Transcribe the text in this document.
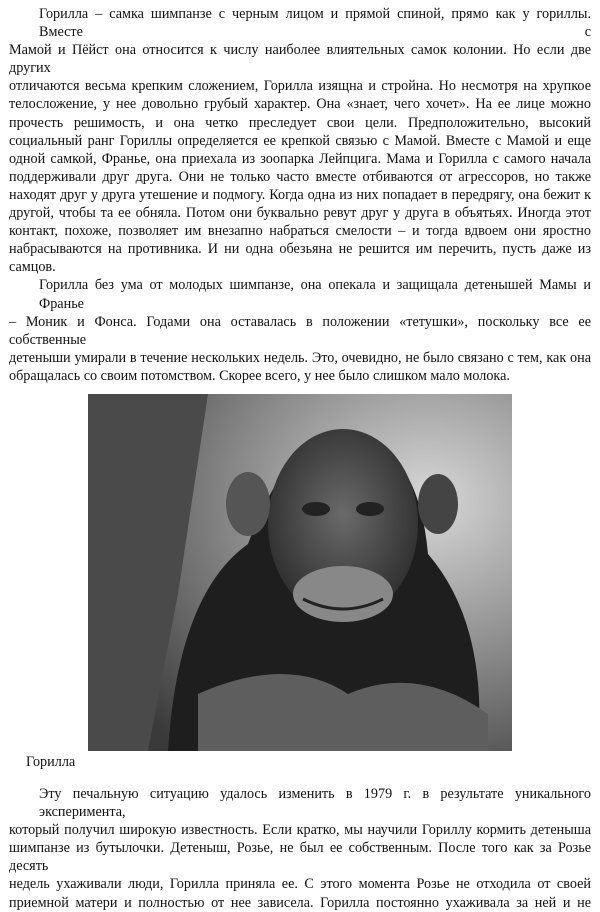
Горилла – самка шимпанзе с черным лицом и прямой спиной, прямо как у гориллы. Вместе с
Мамой и Пёйст она относится к числу наиболее влиятельных самок колонии. Но если две других
отличаются весьма крепким сложением, Горилла изящна и стройна. Но несмотря на хрупкое
телосложение, у нее довольно грубый характер. Она «знает, чего хочет». На ее лице можно
прочесть решимость, и она четко преследует свои цели. Предположительно, высокий
социальный ранг Гориллы определяется ее крепкой связью с Мамой. Вместе с Мамой и еще
одной самкой, Франье, она приехала из зоопарка Лейпцига. Мама и Горилла с самого начала
поддерживали друг друга. Они не только часто вместе отбиваются от агрессоров, но также
находят друг у друга утешение и подмогу. Когда одна из них попадает в передрягу, она бежит к
другой, чтобы та ее обняла. Потом они буквально ревут друг у друга в объятьях. Иногда этот
контакт, похоже, позволяет им внезапно набраться смелости – и тогда вдвоем они яростно
набрасываются на противника. И ни одна обезьяна не решится им перечить, пусть даже из
самцов.
Горилла без ума от молодых шимпанзе, она опекала и защищала детенышей Мамы и Франье
– Моник и Фонса. Годами она оставалась в положении «тетушки», поскольку все ее собственные
детеныши умирали в течение нескольких недель. Это, очевидно, не было связано с тем, как она
обращалась со своим потомством. Скорее всего, у нее было слишком мало молока.
Горилла
Эту печальную ситуацию удалось изменить в 1979 г. в результате уникального эксперимента,
который получил широкую известность. Если кратко, мы научили Гориллу кормить детеныша
шимпанзе из бутылочки. Детеныш, Розье, не был ее собственным. После того как за Розье десять
недель ухаживали люди, Горилла приняла ее. С этого момента Розье не отходила от своей
приемной матери и полностью от нее зависела. Горилла постоянно ухаживала за ней и не
